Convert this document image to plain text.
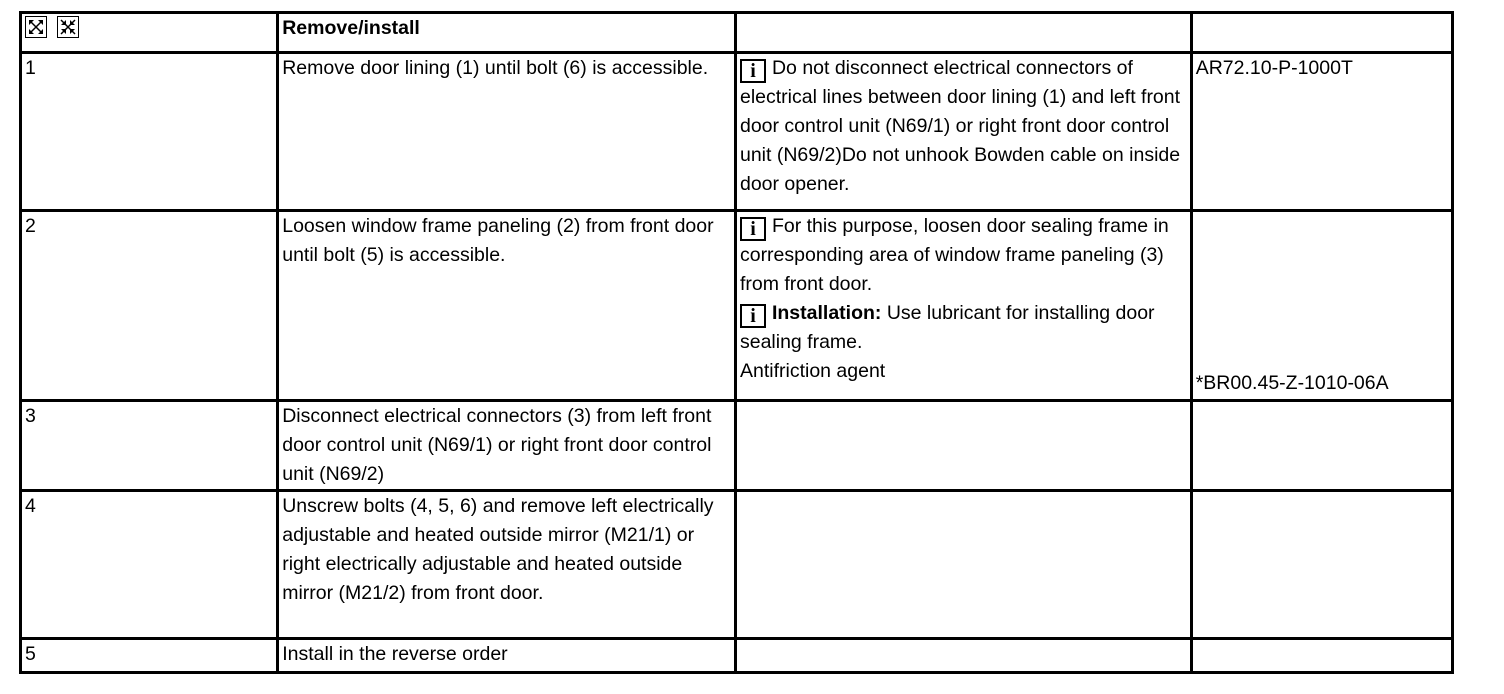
	Remove/install		
1	Remove door lining (1) until bolt (6) is accessible.	i Do not disconnect electrical connectors of electrical lines between door lining (1) and left front door control unit (N69/1) or right front door control unit (N69/2)Do not unhook Bowden cable on inside door opener.	AR72.10-P-1000T
2	Loosen window frame paneling (2) from front door until bolt (5) is accessible.	i For this purpose, loosen door sealing frame in corresponding area of window frame paneling (3) from front door.
i Installation: Use lubricant for installing door sealing frame.
Antifriction agent	*BR00.45-Z-1010-06A

3	Disconnect electrical connectors (3) from left front door control unit (N69/1) or right front door control unit (N69/2)		
4	Unscrew bolts (4, 5, 6) and remove left electrically adjustable and heated outside mirror (M21/1) or right electrically adjustable and heated outside mirror (M21/2) from front door.		
5	Install in the reverse order		
